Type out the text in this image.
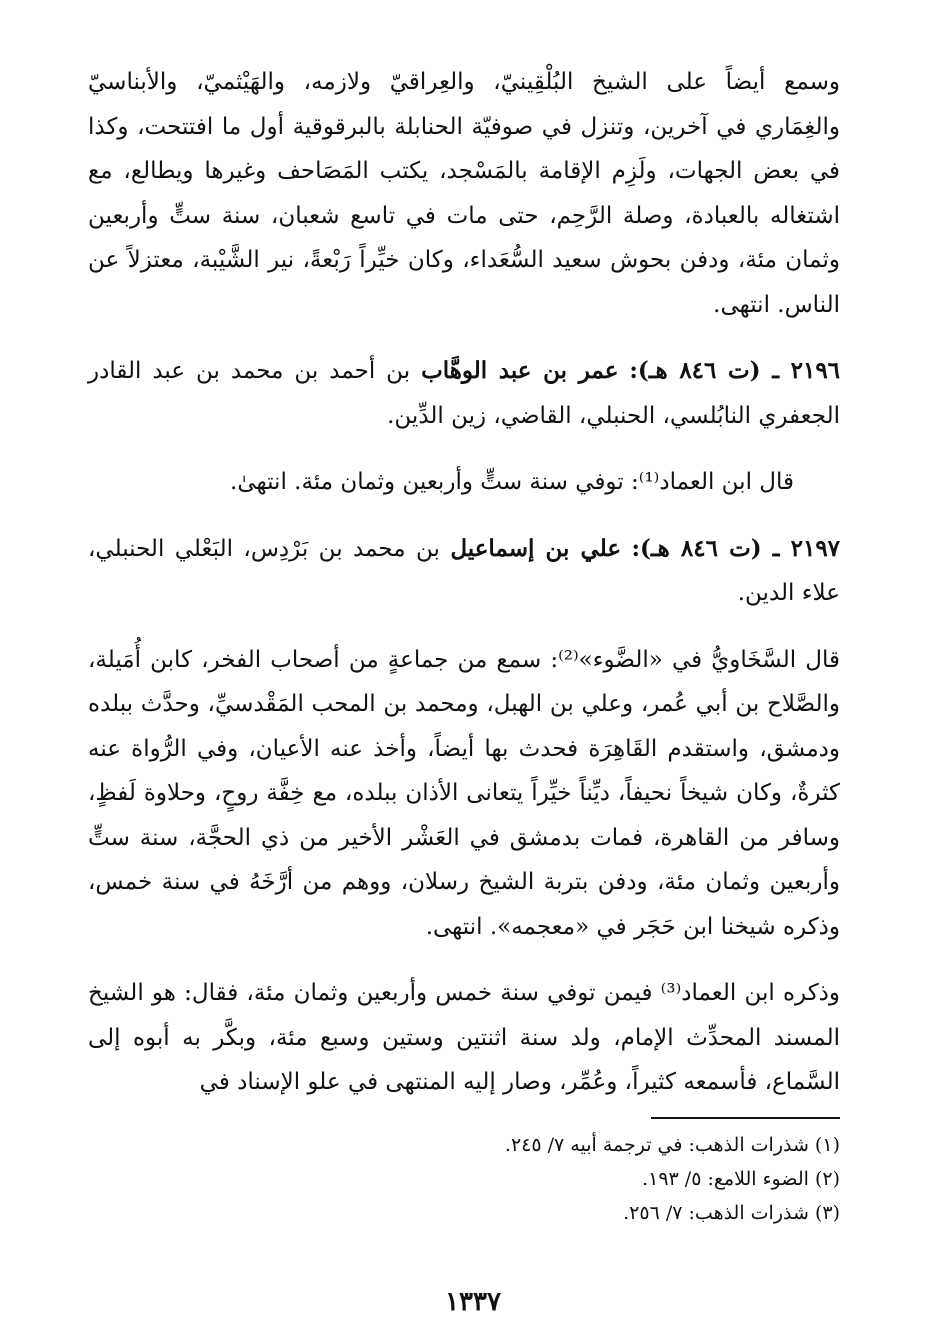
وسمع أيضاً على الشيخ البُلْقِينيّ، والعِراقيّ ولازمه، والهَيْثميّ، والأبناسيّ والغِمَاري في آخرين، وتنزل في صوفيّة الحنابلة بالبرقوقية أول ما افتتحت، وكذا في بعض الجهات، ولَزِم الإقامة بالمَسْجد، يكتب المَصَاحف وغيرها ويطالع، مع اشتغاله بالعبادة، وصلة الرَّحِم، حتى مات في تاسع شعبان، سنة ستٍّ وأربعين وثمان مئة، ودفن بحوش سعيد السُّعَداء، وكان خيِّراً رَبْعةً، نير الشَّيْبة، معتزلاً عن الناس. انتهى.

٢١٩٦ ـ (ت ٨٤٦ هـ): عمر بن عبد الوهَّاب بن أحمد بن محمد بن عبد القادر الجعفري النابُلسي، الحنبلي، القاضي، زين الدِّين.

قال ابن العماد⁽¹⁾: توفي سنة ستٍّ وأربعين وثمان مئة. انتهىٰ.

٢١٩٧ ـ (ت ٨٤٦ هـ): علي بن إسماعيل بن محمد بن بَرْدِس، البَعْلي الحنبلي، علاء الدين.

قال السَّخَاويُّ في «الضَّوء»⁽²⁾: سمع من جماعةٍ من أصحاب الفخر، كابن أُمَيلة، والصَّلاح بن أبي عُمر، وعلي بن الهبل، ومحمد بن المحب المَقْدسيِّ، وحدَّث ببلده ودمشق، واستقدم القَاهِرَة فحدث بها أيضاً، وأخذ عنه الأعيان، وفي الرُّواة عنه كثرةٌ، وكان شيخاً نحيفاً، ديِّناً خيِّراً يتعانى الأذان ببلده، مع خِفَّة روحٍ، وحلاوة لَفظٍ، وسافر من القاهرة، فمات بدمشق في العَشْر الأخير من ذي الحجَّة، سنة ستٍّ وأربعين وثمان مئة، ودفن بتربة الشيخ رسلان، ووهم من أرَّخَهُ في سنة خمس، وذكره شيخنا ابن حَجَر في «معجمه». انتهى.

وذكره ابن العماد⁽³⁾ فيمن توفي سنة خمس وأربعين وثمان مئة، فقال: هو الشيخ المسند المحدِّث الإمام، ولد سنة اثنتين وستين وسبع مئة، وبكَّر به أبوه إلى السَّماع، فأسمعه كثيراً، وعُمِّر، وصار إليه المنتهى في علو الإسناد في

(١) شذرات الذهب: في ترجمة أبيه ٧/ ٢٤٥.

(٢) الضوء اللامع: ٥/ ١٩٣.

(٣) شذرات الذهب: ٧/ ٢٥٦.

١٣٣٧
